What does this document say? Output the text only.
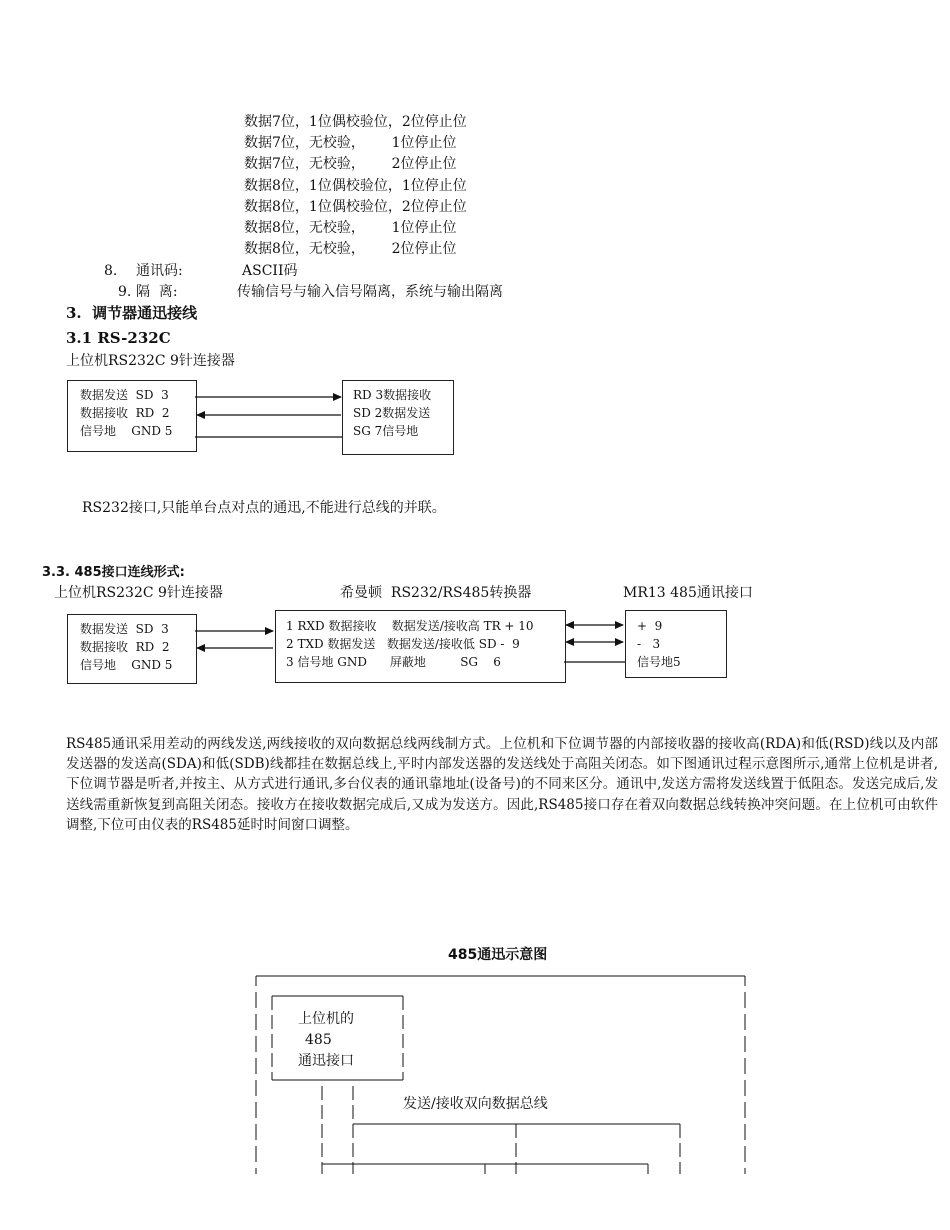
数据7位，1位偶校验位，2位停止位
数据7位，无校验，      1位停止位
数据7位，无校验，      2位停止位
数据8位，1位偶校验位，1位停止位
数据8位，1位偶校验位，2位停止位
数据8位，无校验，      1位停止位
数据8位，无校验，      2位停止位
8. 通讯码:	ASCII码
9. 隔  离:	传输信号与输入信号隔离，系统与输出隔离
3.  调节器通迅接线
3.1 RS-232C
上位机RS232C 9针连接器
数据发送  SD  3
数据接收  RD  2
信号地    GND 5
RD 3数据接收
SD 2数据发送
SG 7信号地
RS232接口,只能单台点对点的通迅,不能进行总线的并联。
3.3. 485接口连线形式:
上位机RS232C 9针连接器	希曼顿  RS232/RS485转换器	MR13 485通讯接口
数据发送  SD  3
数据接收  RD  2
信号地    GND 5
1 RXD 数据接收    数据发送/接收高 TR + 10
2 TXD 数据发送   数据发送/接收低 SD -  9
3 信号地 GND      屏蔽地         SG    6
+  9
-   3
信号地5
RS485通讯采用差动的两线发送,两线接收的双向数据总线两线制方式。上位机和下位调节器的内部接收器的接收高(RDA)和低(RSD)线以及内部发送器的发送高(SDA)和低(SDB)线都挂在数据总线上,平时内部发送器的发送线处于高阻关闭态。如下图通讯过程示意图所示,通常上位机是讲者,下位调节器是听者,并按主、从方式进行通讯,多台仪表的通讯靠地址(设备号)的不同来区分。通讯中,发送方需将发送线置于低阻态。发送完成后,发送线需重新恢复到高阻关闭态。接收方在接收数据完成后,又成为发送方。因此,RS485接口存在着双向数据总线转换冲突问题。在上位机可由软件调整,下位可由仪表的RS485延时时间窗口调整。
485通迅示意图
上位机的
485
通迅接口
发送/接收双向数据总线
